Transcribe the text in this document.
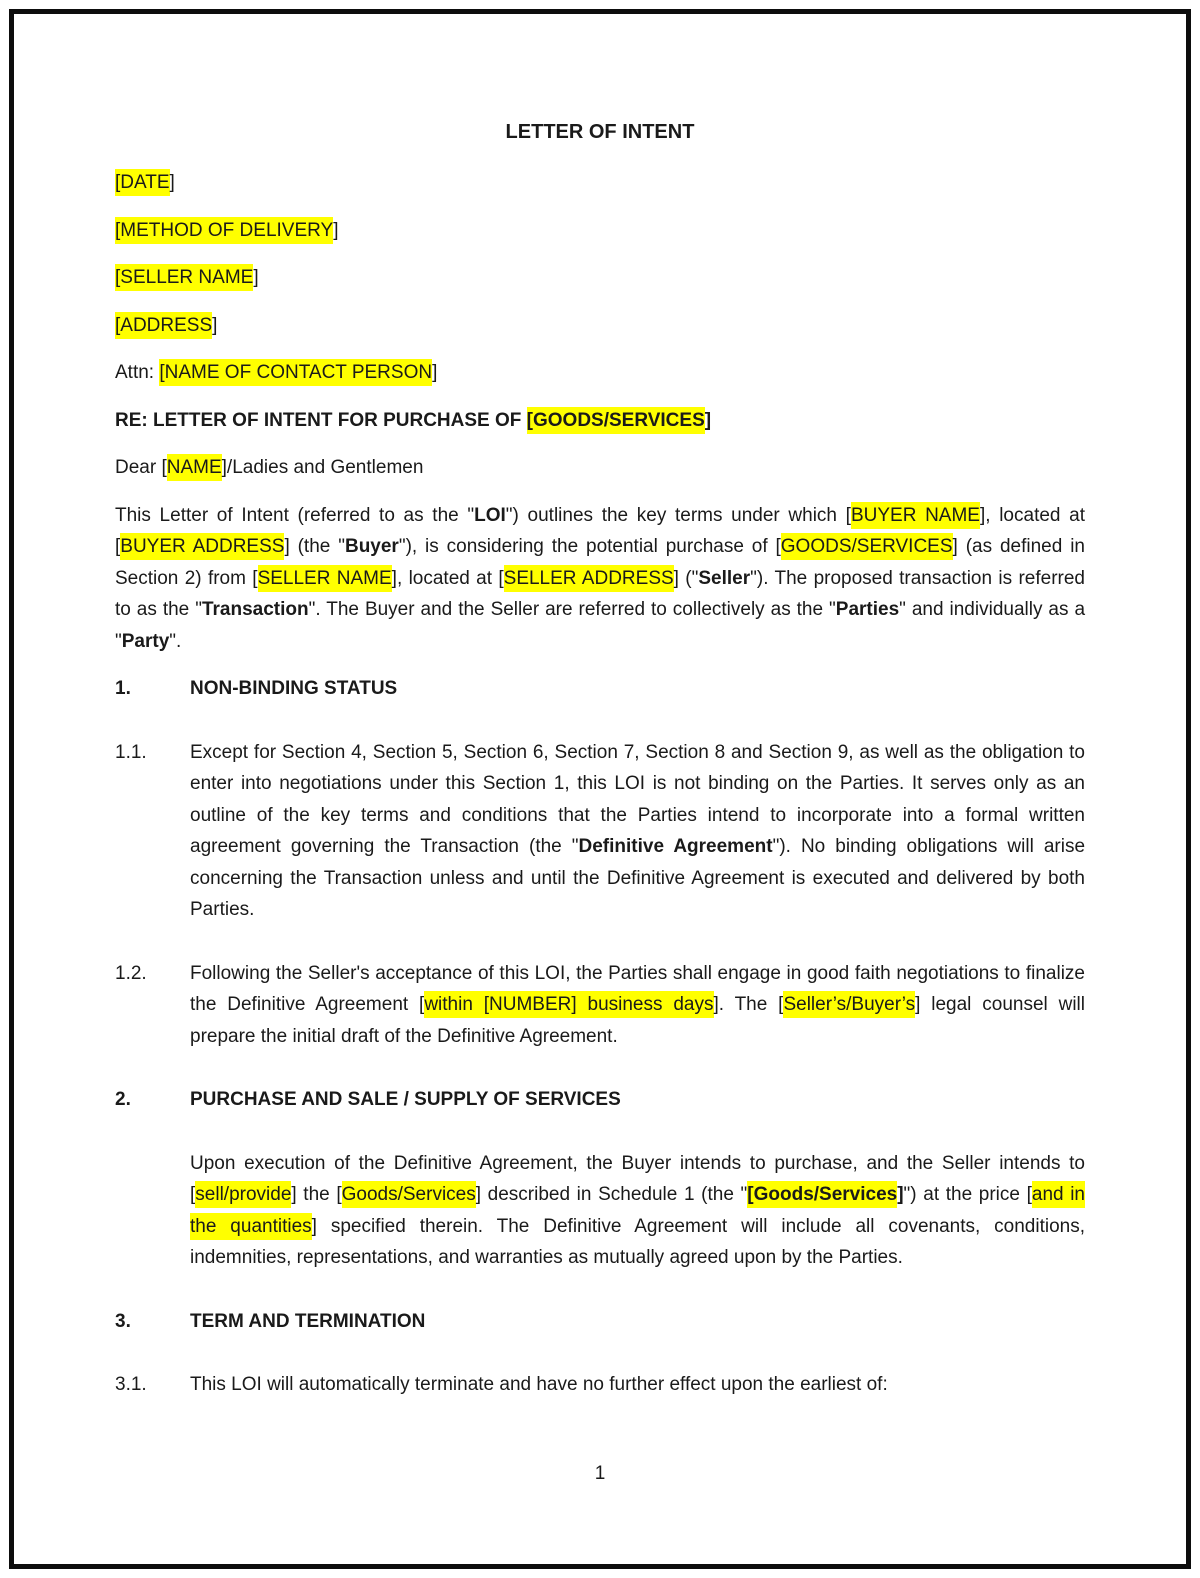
LETTER OF INTENT

[DATE]

[METHOD OF DELIVERY]

[SELLER NAME]

[ADDRESS]

Attn: [NAME OF CONTACT PERSON]

RE: LETTER OF INTENT FOR PURCHASE OF [GOODS/SERVICES]

Dear [NAME]/Ladies and Gentlemen

This Letter of Intent (referred to as the "LOI") outlines the key terms under which [BUYER NAME], located at [BUYER ADDRESS] (the "Buyer"), is considering the potential purchase of [GOODS/SERVICES] (as defined in Section 2) from [SELLER NAME], located at [SELLER ADDRESS] ("Seller"). The proposed transaction is referred to as the "Transaction". The Buyer and the Seller are referred to collectively as the "Parties" and individually as a "Party".

1.	NON-BINDING STATUS
1.1.	Except for Section 4, Section 5, Section 6, Section 7, Section 8 and Section 9, as well as the obligation to enter into negotiations under this Section 1, this LOI is not binding on the Parties. It serves only as an outline of the key terms and conditions that the Parties intend to incorporate into a formal written agreement governing the Transaction (the "Definitive Agreement"). No binding obligations will arise concerning the Transaction unless and until the Definitive Agreement is executed and delivered by both Parties.
1.2.	Following the Seller's acceptance of this LOI, the Parties shall engage in good faith negotiations to finalize the Definitive Agreement [within [NUMBER] business days]. The [Seller’s/Buyer’s] legal counsel will prepare the initial draft of the Definitive Agreement.
2.	PURCHASE AND SALE / SUPPLY OF SERVICES
Upon execution of the Definitive Agreement, the Buyer intends to purchase, and the Seller intends to [sell/provide] the [Goods/Services] described in Schedule 1 (the "[Goods/Services]") at the price [and in the quantities] specified therein. The Definitive Agreement will include all covenants, conditions, indemnities, representations, and warranties as mutually agreed upon by the Parties.
3.	TERM AND TERMINATION
3.1.	This LOI will automatically terminate and have no further effect upon the earliest of:
1
